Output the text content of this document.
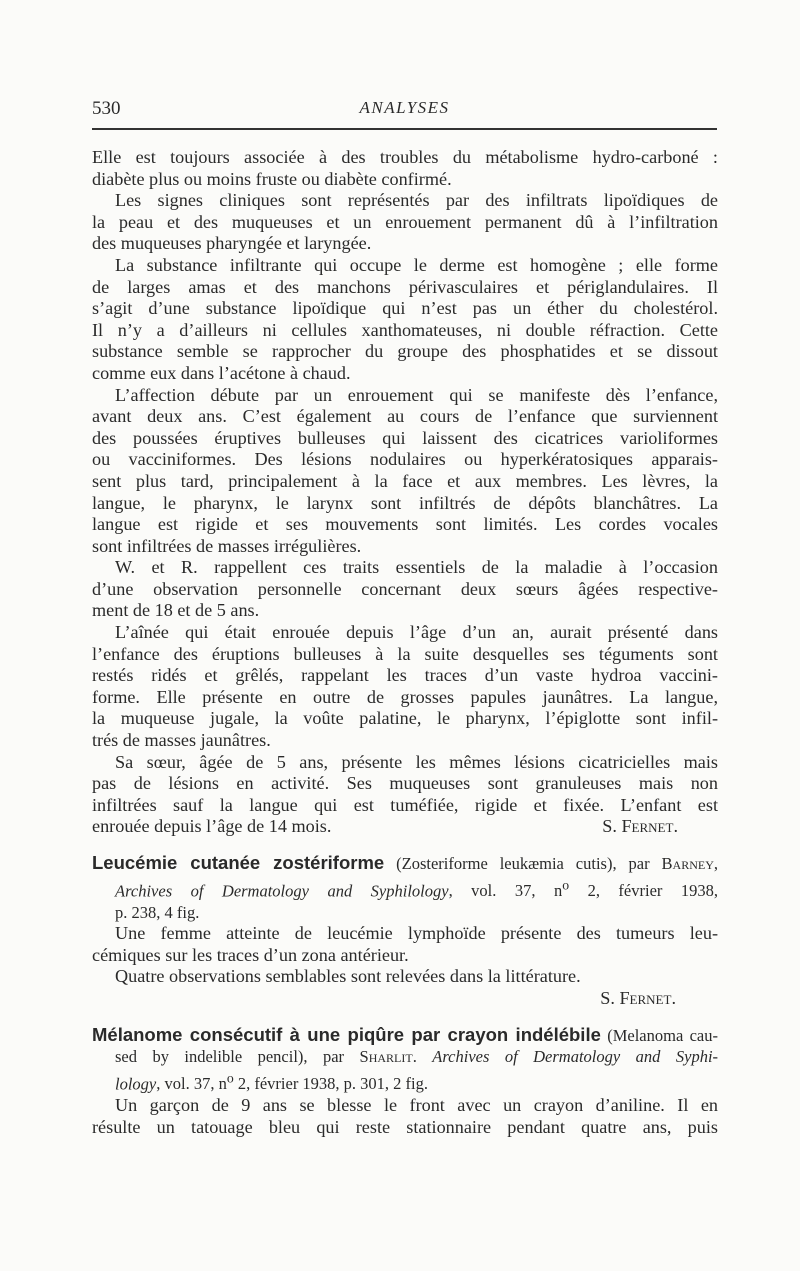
530	ANALYSES
Elle est toujours associée à des troubles du métabolisme hydro-carboné :
diabète plus ou moins fruste ou diabète confirmé.
Les signes cliniques sont représentés par des infiltrats lipoïdiques de
la peau et des muqueuses et un enrouement permanent dû à l’infiltration
des muqueuses pharyngée et laryngée.
La substance infiltrante qui occupe le derme est homogène ; elle forme
de larges amas et des manchons périvasculaires et périglandulaires. Il
s’agit d’une substance lipoïdique qui n’est pas un éther du cholestérol.
Il n’y a d’ailleurs ni cellules xanthomateuses, ni double réfraction. Cette
substance semble se rapprocher du groupe des phosphatides et se dissout
comme eux dans l’acétone à chaud.
L’affection débute par un enrouement qui se manifeste dès l’enfance,
avant deux ans. C’est également au cours de l’enfance que surviennent
des poussées éruptives bulleuses qui laissent des cicatrices varioliformes
ou vacciniformes. Des lésions nodulaires ou hyperkératosiques apparais-
sent plus tard, principalement à la face et aux membres. Les lèvres, la
langue, le pharynx, le larynx sont infiltrés de dépôts blanchâtres. La
langue est rigide et ses mouvements sont limités. Les cordes vocales
sont infiltrées de masses irrégulières.
W. et R. rappellent ces traits essentiels de la maladie à l’occasion
d’une observation personnelle concernant deux sœurs âgées respective-
ment de 18 et de 5 ans.
L’aînée qui était enrouée depuis l’âge d’un an, aurait présenté dans
l’enfance des éruptions bulleuses à la suite desquelles ses téguments sont
restés ridés et grêlés, rappelant les traces d’un vaste hydroa vaccini-
forme. Elle présente en outre de grosses papules jaunâtres. La langue,
la muqueuse jugale, la voûte palatine, le pharynx, l’épiglotte sont infil-
trés de masses jaunâtres.
Sa sœur, âgée de 5 ans, présente les mêmes lésions cicatricielles mais
pas de lésions en activité. Ses muqueuses sont granuleuses mais non
infiltrées sauf la langue qui est tuméfiée, rigide et fixée. L’enfant est
enrouée depuis l’âge de 14 mois.	S. Fernet.
Leucémie cutanée zostériforme (Zosteriforme leukæmia cutis), par Barney,
Archives of Dermatology and Syphilology, vol. 37, $n^o$ 2, février 1938,
p. 238, 4 fig.
Une femme atteinte de leucémie lymphoïde présente des tumeurs leu-
cémiques sur les traces d’un zona antérieur.
Quatre observations semblables sont relevées dans la littérature.
S. Fernet.
Mélanome consécutif à une piqûre par crayon indélébile (Melanoma cau-
sed by indelible pencil), par Sharlit. Archives of Dermatology and Syphi-
lology, vol. 37, $n^o$ 2, février 1938, p. 301, 2 fig.
Un garçon de 9 ans se blesse le front avec un crayon d’aniline. Il en
résulte un tatouage bleu qui reste stationnaire pendant quatre ans, puis
